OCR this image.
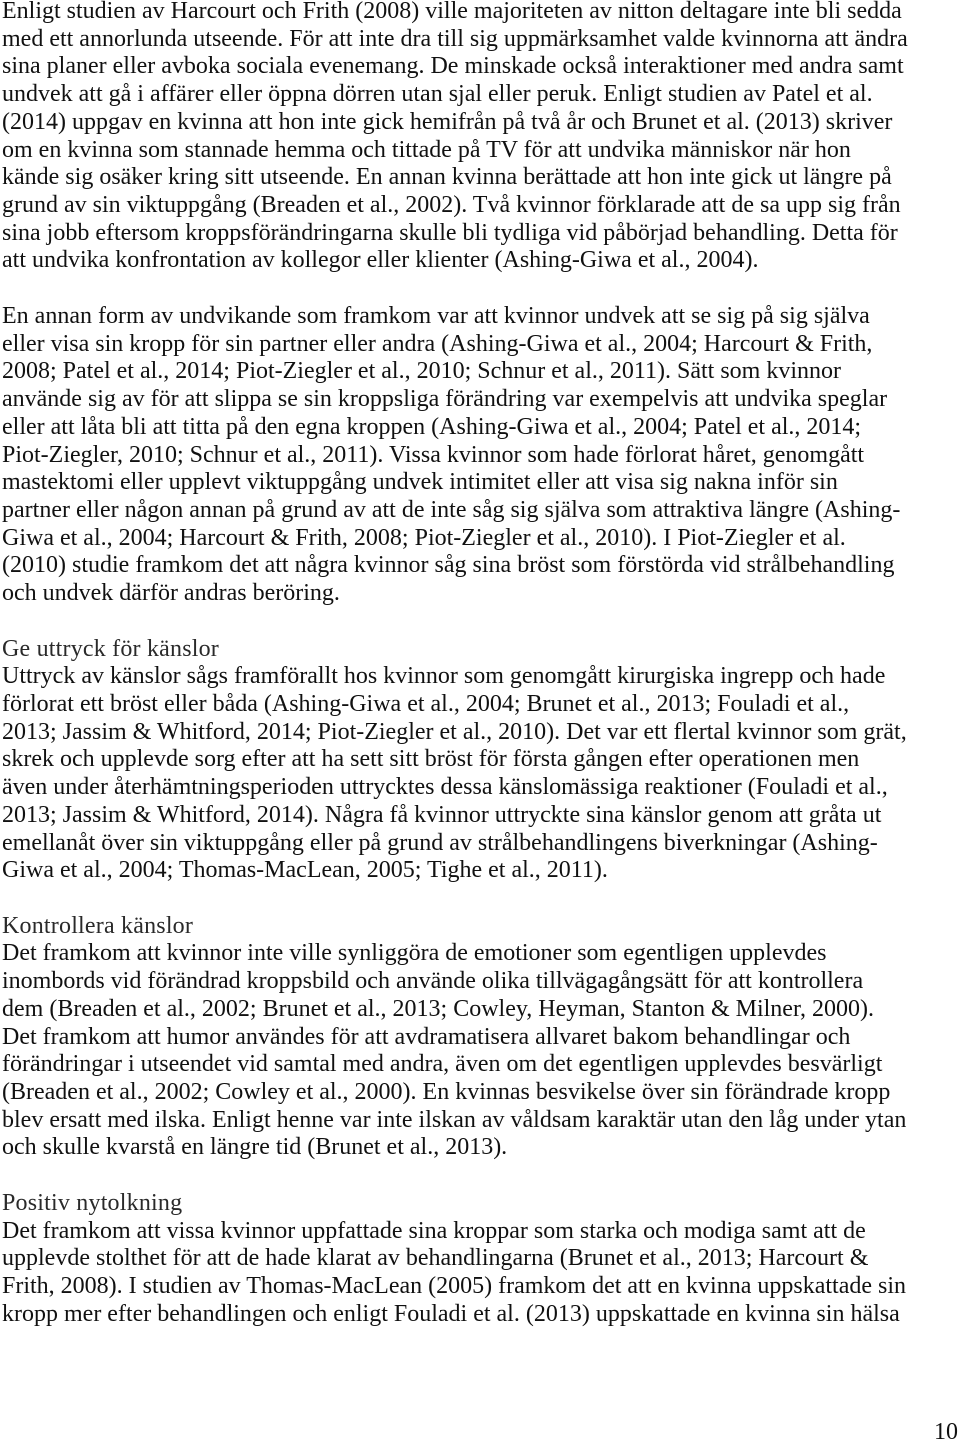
Enligt studien av Harcourt och Frith (2008) ville majoriteten av nitton deltagare inte bli sedda
med ett annorlunda utseende. För att inte dra till sig uppmärksamhet valde kvinnorna att ändra
sina planer eller avboka sociala evenemang. De minskade också interaktioner med andra samt
undvek att gå i affärer eller öppna dörren utan sjal eller peruk. Enligt studien av Patel et al.
(2014) uppgav en kvinna att hon inte gick hemifrån på två år och Brunet et al. (2013) skriver
om en kvinna som stannade hemma och tittade på TV för att undvika människor när hon
kände sig osäker kring sitt utseende. En annan kvinna berättade att hon inte gick ut längre på
grund av sin viktuppgång (Breaden et al., 2002). Två kvinnor förklarade att de sa upp sig från
sina jobb eftersom kroppsförändringarna skulle bli tydliga vid påbörjad behandling. Detta för
att undvika konfrontation av kollegor eller klienter (Ashing-Giwa et al., 2004).
En annan form av undvikande som framkom var att kvinnor undvek att se sig på sig själva
eller visa sin kropp för sin partner eller andra (Ashing-Giwa et al., 2004; Harcourt & Frith,
2008; Patel et al., 2014; Piot-Ziegler et al., 2010; Schnur et al., 2011). Sätt som kvinnor
använde sig av för att slippa se sin kroppsliga förändring var exempelvis att undvika speglar
eller att låta bli att titta på den egna kroppen (Ashing-Giwa et al., 2004; Patel et al., 2014;
Piot-Ziegler, 2010; Schnur et al., 2011). Vissa kvinnor som hade förlorat håret, genomgått
mastektomi eller upplevt viktuppgång undvek intimitet eller att visa sig nakna inför sin
partner eller någon annan på grund av att de inte såg sig själva som attraktiva längre (Ashing-
Giwa et al., 2004; Harcourt & Frith, 2008; Piot-Ziegler et al., 2010). I Piot-Ziegler et al.
(2010) studie framkom det att några kvinnor såg sina bröst som förstörda vid strålbehandling
och undvek därför andras beröring.
Ge uttryck för känslor
Uttryck av känslor sågs framförallt hos kvinnor som genomgått kirurgiska ingrepp och hade
förlorat ett bröst eller båda (Ashing-Giwa et al., 2004; Brunet et al., 2013; Fouladi et al.,
2013; Jassim & Whitford, 2014; Piot-Ziegler et al., 2010). Det var ett flertal kvinnor som grät,
skrek och upplevde sorg efter att ha sett sitt bröst för första gången efter operationen men
även under återhämtningsperioden uttrycktes dessa känslomässiga reaktioner (Fouladi et al.,
2013; Jassim & Whitford, 2014). Några få kvinnor uttryckte sina känslor genom att gråta ut
emellanåt över sin viktuppgång eller på grund av strålbehandlingens biverkningar (Ashing-
Giwa et al., 2004; Thomas-MacLean, 2005; Tighe et al., 2011).
Kontrollera känslor
Det framkom att kvinnor inte ville synliggöra de emotioner som egentligen upplevdes
inombords vid förändrad kroppsbild och använde olika tillvägagångsätt för att kontrollera
dem (Breaden et al., 2002; Brunet et al., 2013; Cowley, Heyman, Stanton & Milner, 2000).
Det framkom att humor användes för att avdramatisera allvaret bakom behandlingar och
förändringar i utseendet vid samtal med andra, även om det egentligen upplevdes besvärligt
(Breaden et al., 2002; Cowley et al., 2000). En kvinnas besvikelse över sin förändrade kropp
blev ersatt med ilska. Enligt henne var inte ilskan av våldsam karaktär utan den låg under ytan
och skulle kvarstå en längre tid (Brunet et al., 2013).
Positiv nytolkning
Det framkom att vissa kvinnor uppfattade sina kroppar som starka och modiga samt att de
upplevde stolthet för att de hade klarat av behandlingarna (Brunet et al., 2013; Harcourt &
Frith, 2008). I studien av Thomas-MacLean (2005) framkom det att en kvinna uppskattade sin
kropp mer efter behandlingen och enligt Fouladi et al. (2013) uppskattade en kvinna sin hälsa
10
